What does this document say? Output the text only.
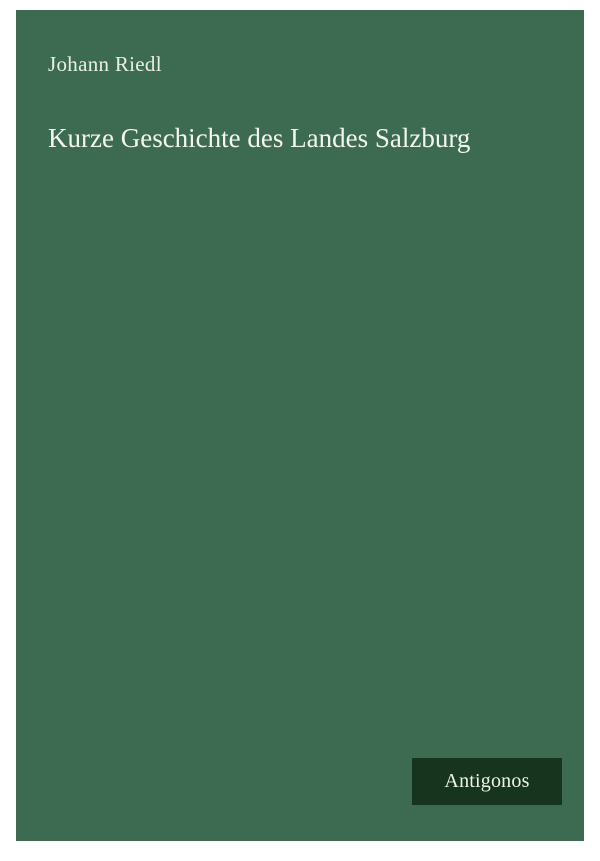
Johann Riedl
Kurze Geschichte des Landes Salzburg
Antigonos
